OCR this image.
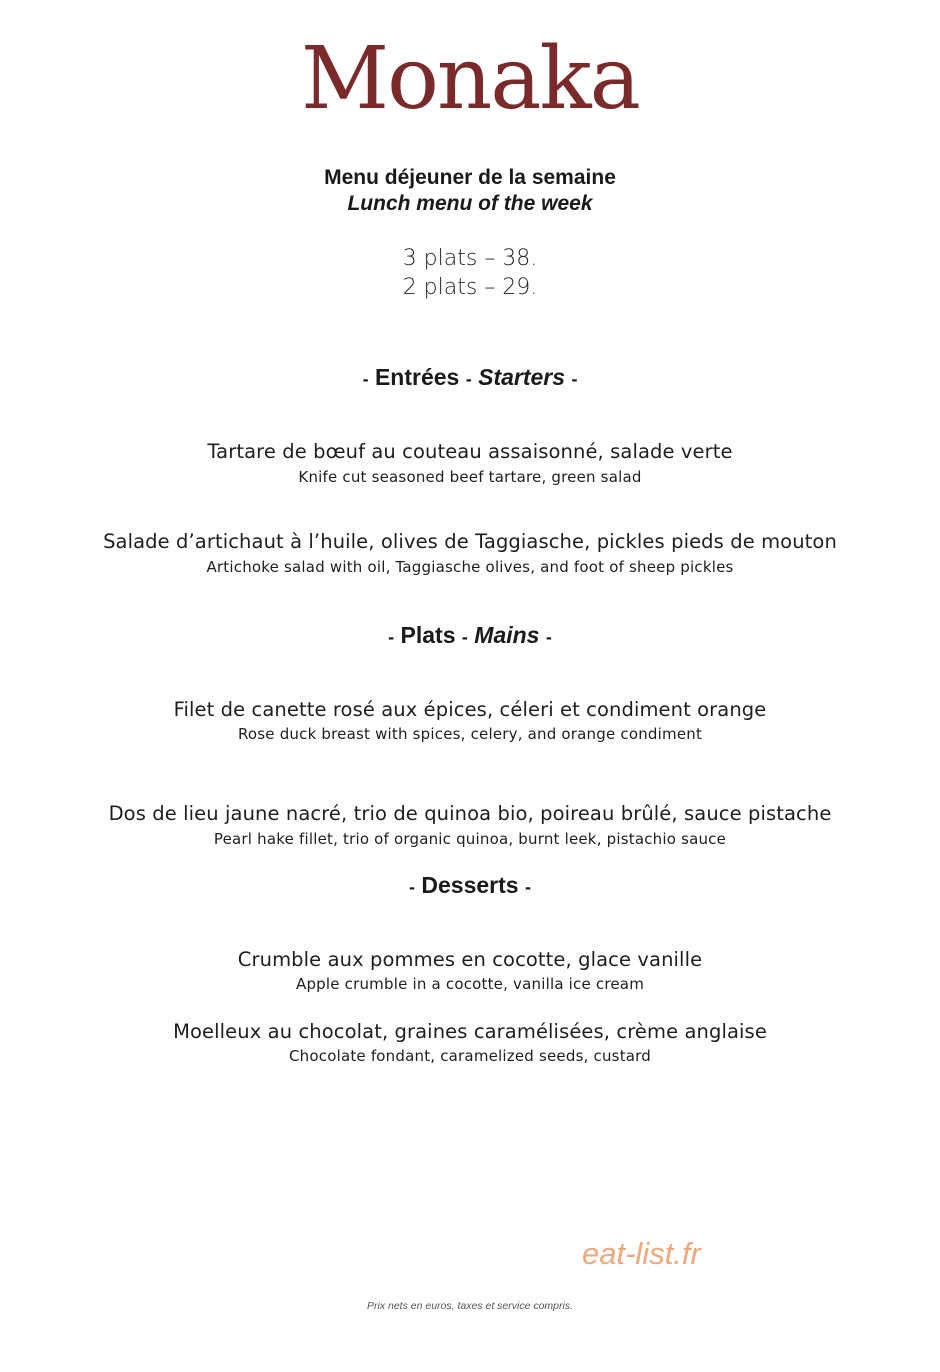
Monaka
Menu déjeuner de la semaine
Lunch menu of the week
3 plats – 38.
2 plats – 29.
- Entrées - Starters -
Tartare de bœuf au couteau assaisonné, salade verte
Knife cut seasoned beef tartare, green salad
Salade d’artichaut à l’huile, olives de Taggiasche, pickles pieds de mouton
Artichoke salad with oil, Taggiasche olives, and foot of sheep pickles
- Plats - Mains -
Filet de canette rosé aux épices, céleri et condiment orange
Rose duck breast with spices, celery, and orange condiment
Dos de lieu jaune nacré, trio de quinoa bio, poireau brûlé, sauce pistache
Pearl hake fillet, trio of organic quinoa, burnt leek, pistachio sauce
- Desserts -
Crumble aux pommes en cocotte, glace vanille
Apple crumble in a cocotte, vanilla ice cream
Moelleux au chocolat, graines caramélisées, crème anglaise
Chocolate fondant, caramelized seeds, custard
eat-list.fr
Prix nets en euros, taxes et service compris.
